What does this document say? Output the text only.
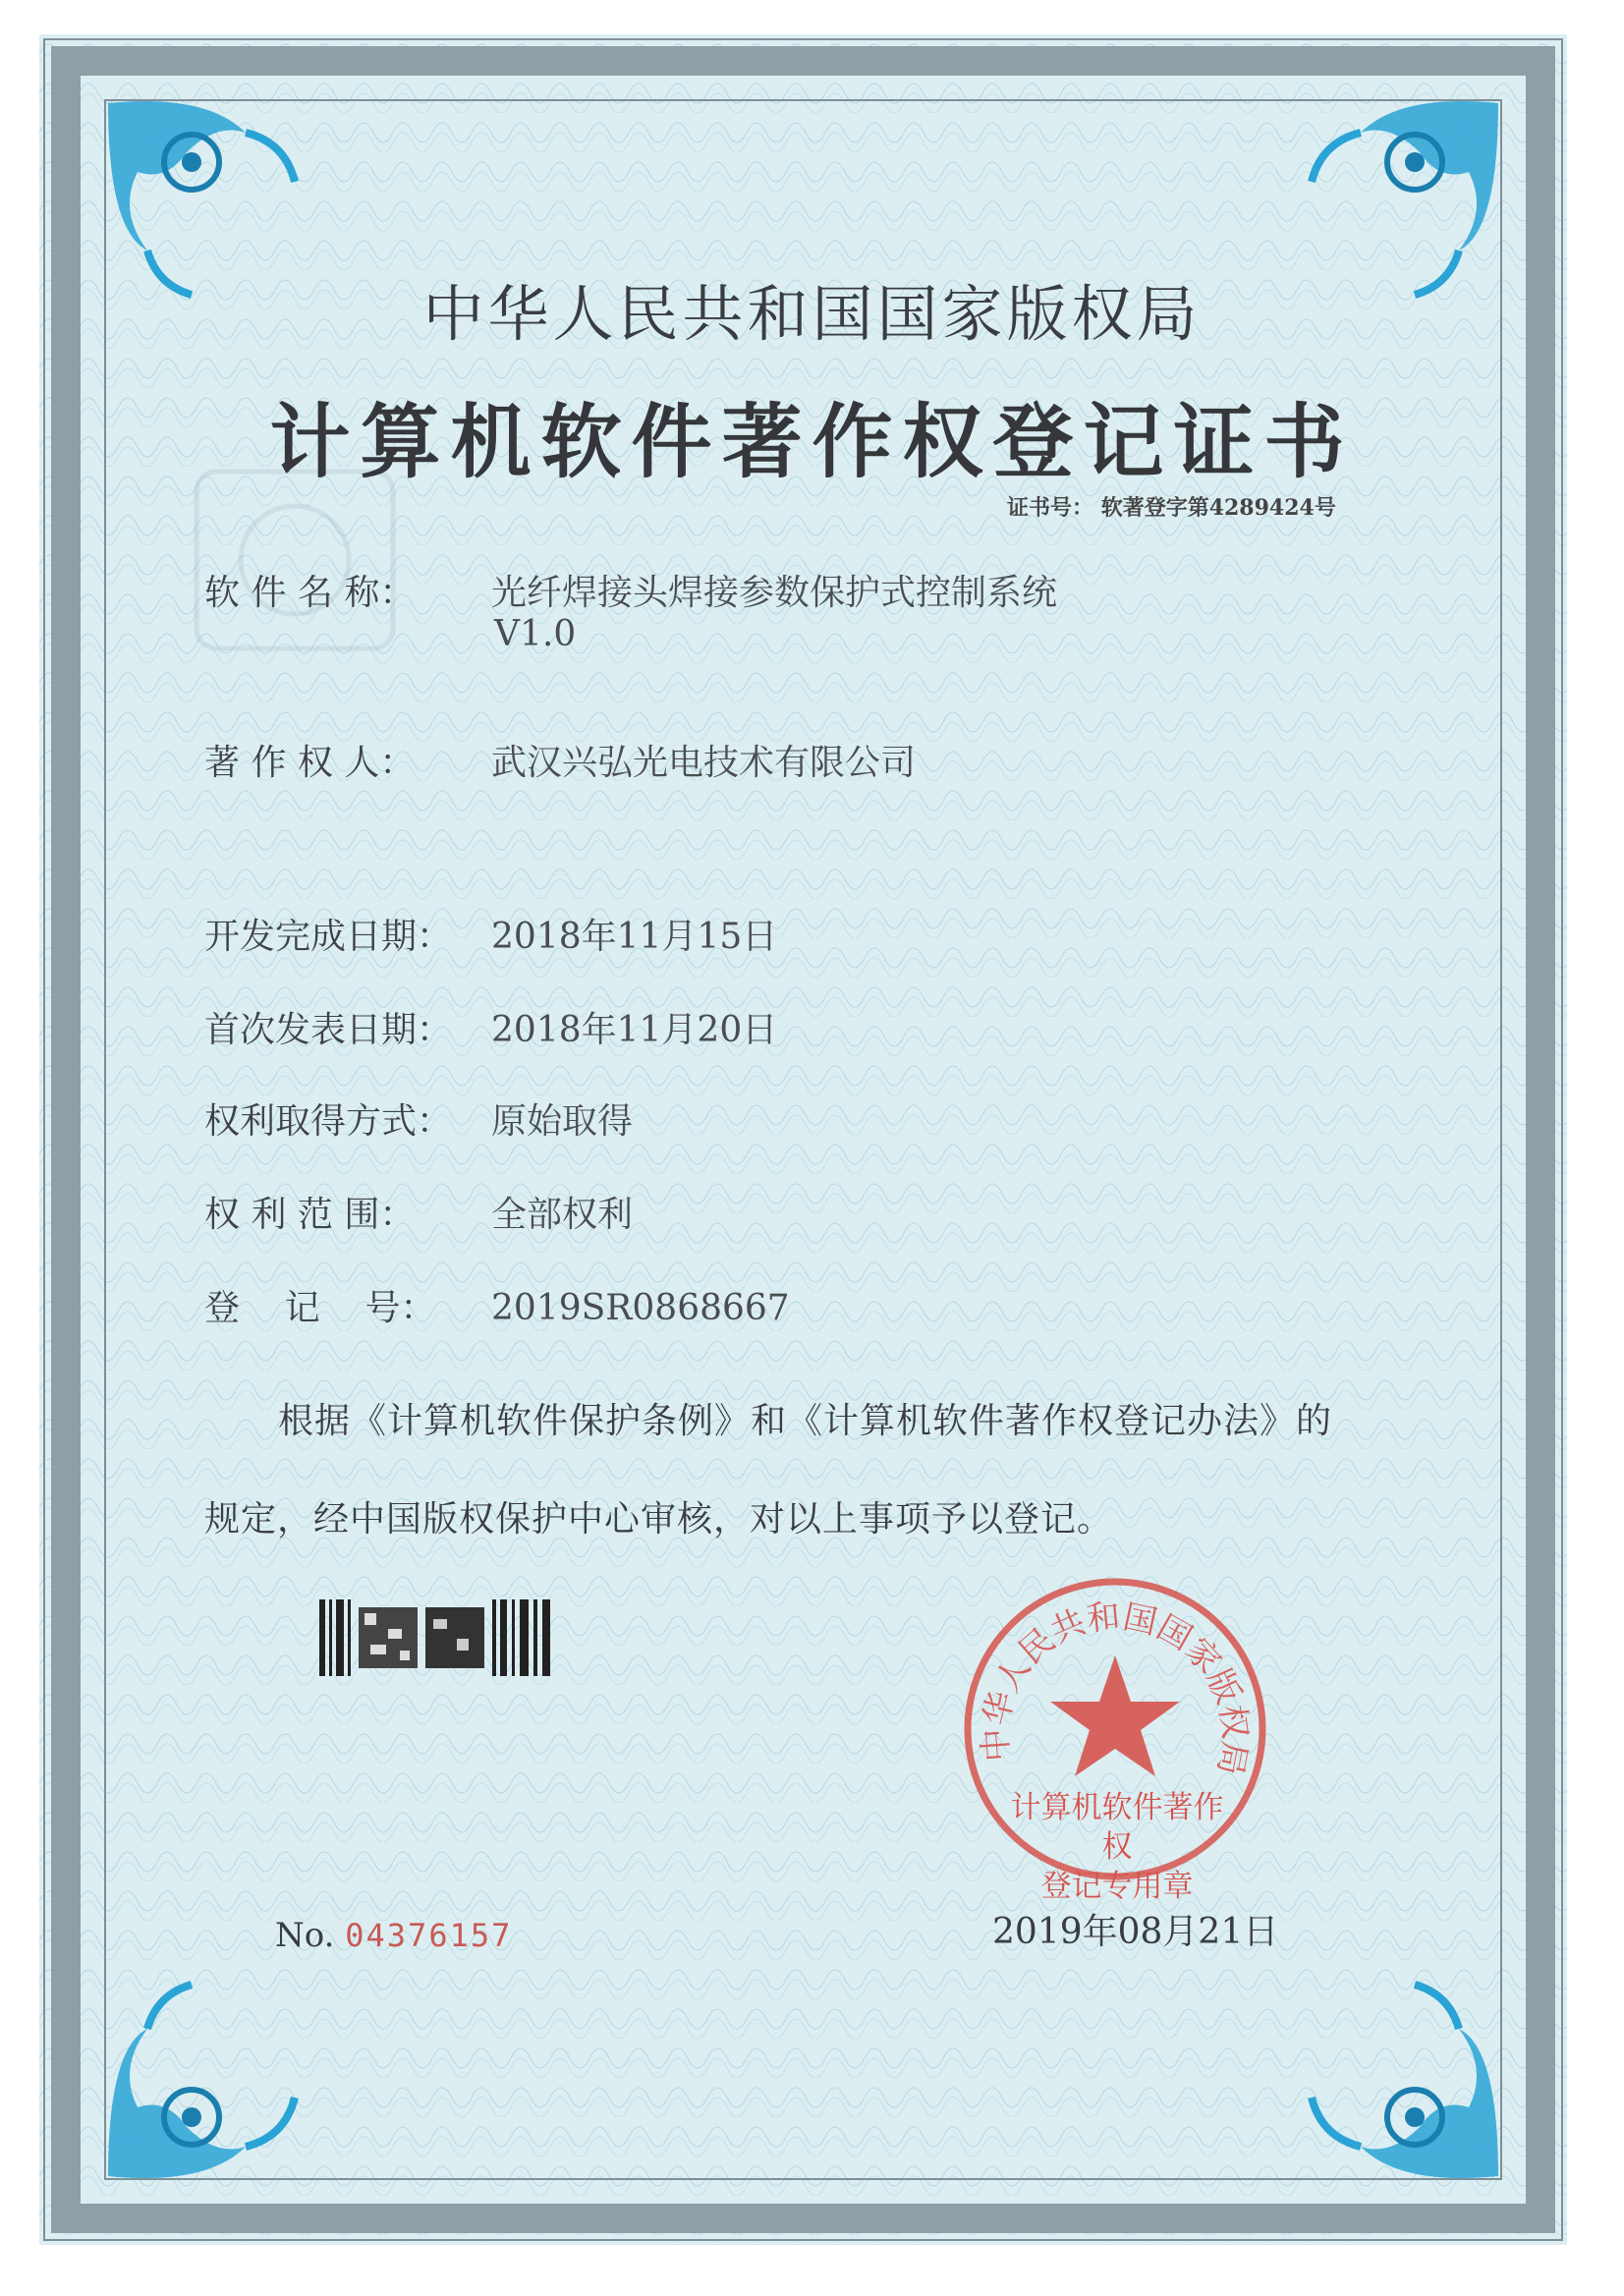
中华人民共和国国家版权局
计算机软件著作权登记证书
证书号： 软著登字第4289424号
软 件 名 称： 光纤焊接头焊接参数保护式控制系统
V1.0
著 作 权 人： 武汉兴弘光电技术有限公司
开发完成日期： 2018年11月15日
首次发表日期： 2018年11月20日
权利取得方式： 原始取得
权 利 范 围： 全部权利
登    记    号： 2019SR0868667
根据《计算机软件保护条例》和《计算机软件著作权登记办法》的
规定，经中国版权保护中心审核，对以上事项予以登记。
No. 04376157
中华人民共和国国家版权局
计算机软件著作权
登记专用章
2019年08月21日
